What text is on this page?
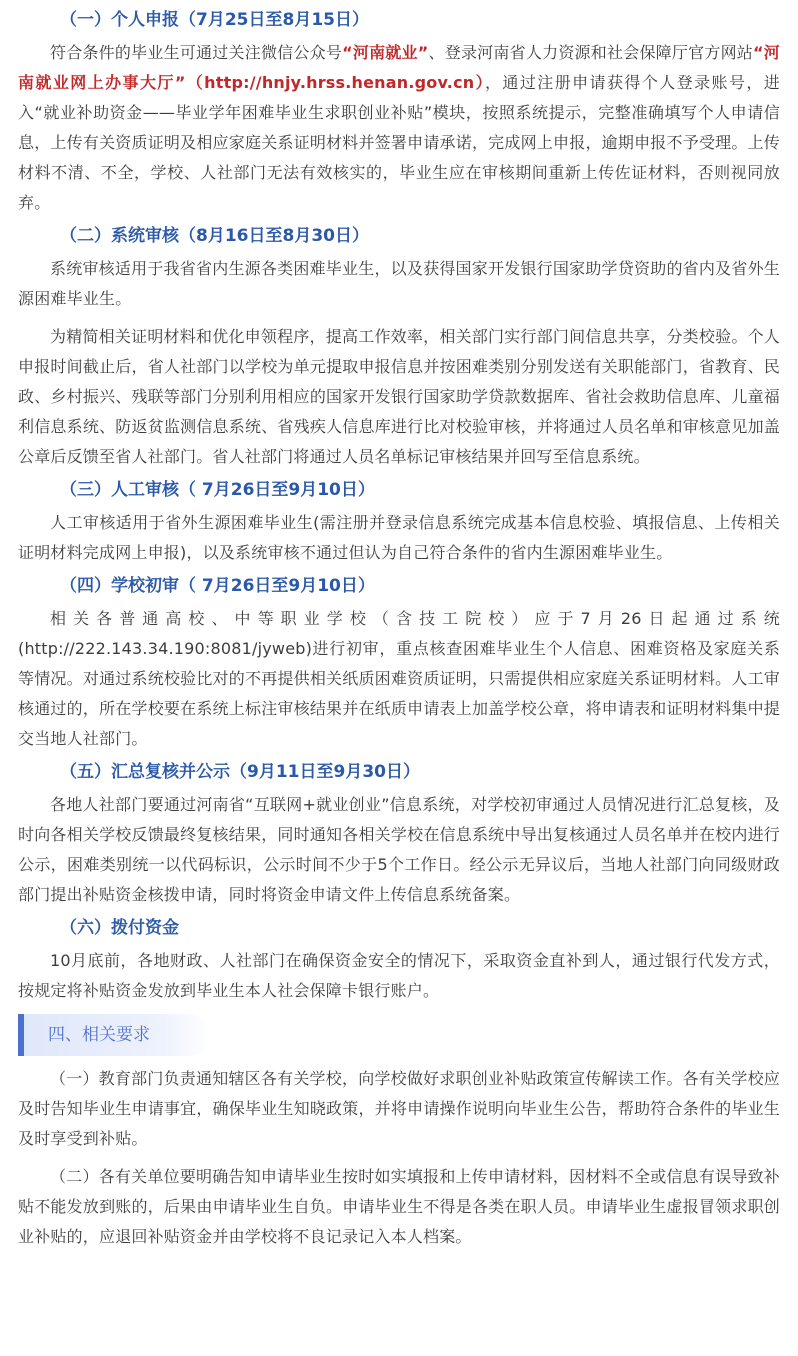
（一）个人申报（7月25日至8月15日）

符合条件的毕业生可通过关注微信公众号“河南就业”、登录河南省人力资源和社会保障厅官方网站“河南就业网上办事大厅”（http://hnjy.hrss.henan.gov.cn），通过注册申请获得个人登录账号，进入“就业补助资金——毕业学年困难毕业生求职创业补贴”模块，按照系统提示，完整准确填写个人申请信息，上传有关资质证明及相应家庭关系证明材料并签署申请承诺，完成网上申报，逾期申报不予受理。上传材料不清、不全，学校、人社部门无法有效核实的，毕业生应在审核期间重新上传佐证材料，否则视同放弃。

（二）系统审核（8月16日至8月30日）

系统审核适用于我省省内生源各类困难毕业生，以及获得国家开发银行国家助学贷资助的省内及省外生源困难毕业生。

为精简相关证明材料和优化申领程序，提高工作效率，相关部门实行部门间信息共享，分类校验。个人申报时间截止后，省人社部门以学校为单元提取申报信息并按困难类别分别发送有关职能部门，省教育、民政、乡村振兴、残联等部门分别利用相应的国家开发银行国家助学贷款数据库、省社会救助信息库、儿童福利信息系统、防返贫监测信息系统、省残疾人信息库进行比对校验审核，并将通过人员名单和审核意见加盖公章后反馈至省人社部门。省人社部门将通过人员名单标记审核结果并回写至信息系统。

（三）人工审核（ 7月26日至9月10日）

人工审核适用于省外生源困难毕业生(需注册并登录信息系统完成基本信息校验、填报信息、上传相关证明材料完成网上申报)，以及系统审核不通过但认为自己符合条件的省内生源困难毕业生。

（四）学校初审（ 7月26日至9月10日）

相关各普通高校、中等职业学校（含技工院校）应于7月26日起通过系统(http://222.143.34.190:8081/jyweb)进行初审，重点核查困难毕业生个人信息、困难资格及家庭关系等情况。对通过系统校验比对的不再提供相关纸质困难资质证明，只需提供相应家庭关系证明材料。人工审核通过的，所在学校要在系统上标注审核结果并在纸质申请表上加盖学校公章，将申请表和证明材料集中提交当地人社部门。

（五）汇总复核并公示（9月11日至9月30日）

各地人社部门要通过河南省“互联网+就业创业”信息系统，对学校初审通过人员情况进行汇总复核，及时向各相关学校反馈最终复核结果，同时通知各相关学校在信息系统中导出复核通过人员名单并在校内进行公示，困难类别统一以代码标识，公示时间不少于5个工作日。经公示无异议后，当地人社部门向同级财政部门提出补贴资金核拨申请，同时将资金申请文件上传信息系统备案。

（六）拨付资金

10月底前，各地财政、人社部门在确保资金安全的情况下，采取资金直补到人，通过银行代发方式，按规定将补贴资金发放到毕业生本人社会保障卡银行账户。

四、相关要求

（一）教育部门负责通知辖区各有关学校，向学校做好求职创业补贴政策宣传解读工作。各有关学校应及时告知毕业生申请事宜，确保毕业生知晓政策，并将申请操作说明向毕业生公告，帮助符合条件的毕业生及时享受到补贴。

（二）各有关单位要明确告知申请毕业生按时如实填报和上传申请材料，因材料不全或信息有误导致补贴不能发放到账的，后果由申请毕业生自负。申请毕业生不得是各类在职人员。申请毕业生虚报冒领求职创业补贴的，应退回补贴资金并由学校将不良记录记入本人档案。
